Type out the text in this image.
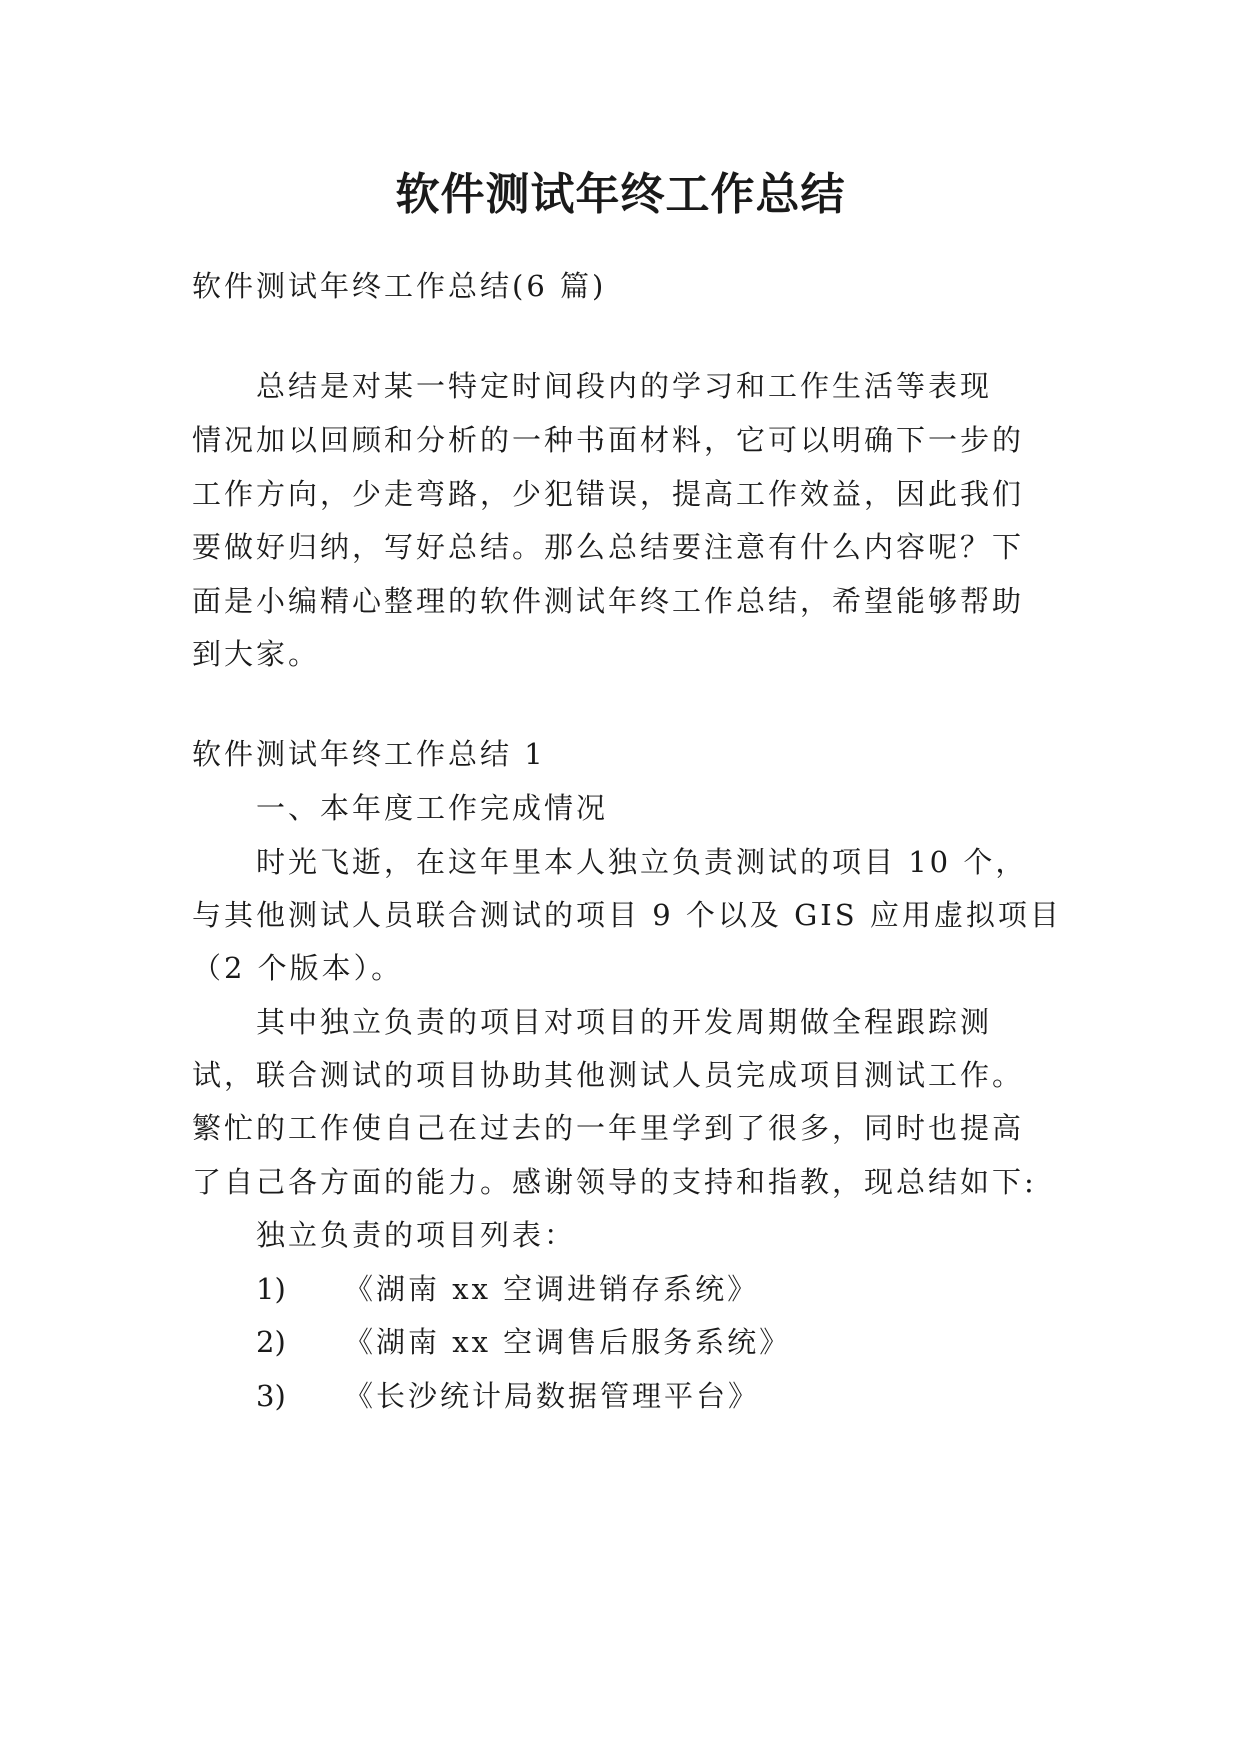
软件测试年终工作总结
软件测试年终工作总结(6 篇)
总结是对某一特定时间段内的学习和工作生活等表现
情况加以回顾和分析的一种书面材料，它可以明确下一步的
工作方向，少走弯路，少犯错误，提高工作效益，因此我们
要做好归纳，写好总结。那么总结要注意有什么内容呢？下
面是小编精心整理的软件测试年终工作总结，希望能够帮助
到大家。
软件测试年终工作总结 1
一、本年度工作完成情况
时光飞逝，在这年里本人独立负责测试的项目 10 个，
与其他测试人员联合测试的项目 9 个以及 GIS 应用虚拟项目
（2 个版本）。
其中独立负责的项目对项目的开发周期做全程跟踪测
试，联合测试的项目协助其他测试人员完成项目测试工作。
繁忙的工作使自己在过去的一年里学到了很多，同时也提高
了自己各方面的能力。感谢领导的支持和指教，现总结如下:
独立负责的项目列表：
1) 《湖南 xx 空调进销存系统》
2) 《湖南 xx 空调售后服务系统》
3) 《长沙统计局数据管理平台》
